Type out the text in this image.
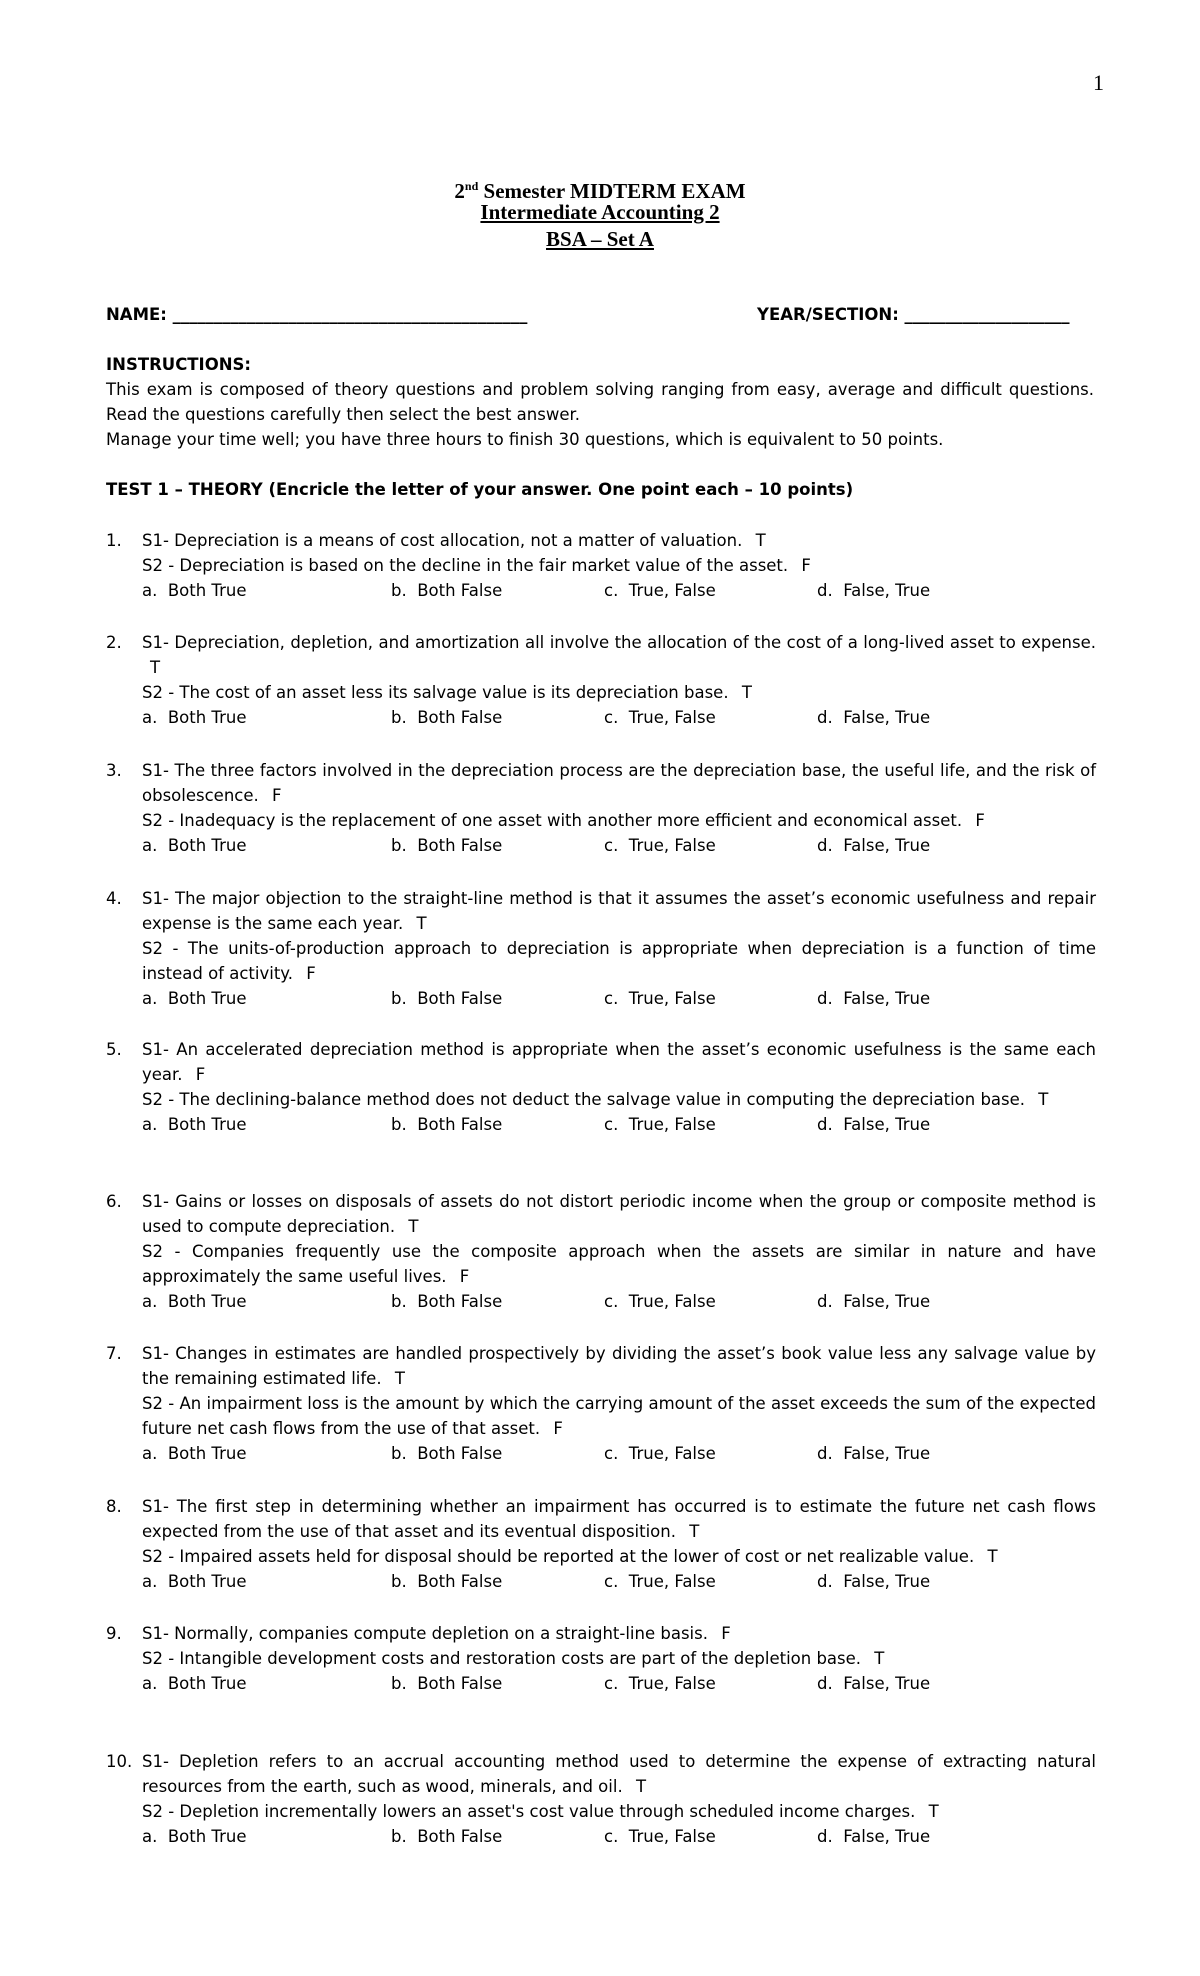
1
2nd Semester MIDTERM EXAM
Intermediate Accounting 2
BSA – Set A
NAME: ___________________________________________	YEAR/SECTION: ____________________
INSTRUCTIONS:
This exam is composed of theory questions and problem solving ranging from easy, average and difficult questions. Read the questions carefully then select the best answer.
Manage your time well; you have three hours to finish 30 questions, which is equivalent to 50 points.
TEST 1 – THEORY (Encricle the letter of your answer. One point each – 10 points)
1. S1- Depreciation is a means of cost allocation, not a matter of valuation. T
S2 - Depreciation is based on the decline in the fair market value of the asset. F
a.  Both True	b.  Both False	c.  True, False	d.  False, True
2. S1- Depreciation, depletion, and amortization all involve the allocation of the cost of a long-lived asset to expense. T
S2 - The cost of an asset less its salvage value is its depreciation base. T
a.  Both True	b.  Both False	c.  True, False	d.  False, True
3. S1- The three factors involved in the depreciation process are the depreciation base, the useful life, and the risk of obsolescence. F
S2 - Inadequacy is the replacement of one asset with another more efficient and economical asset. F
a.  Both True	b.  Both False	c.  True, False	d.  False, True
4. S1- The major objection to the straight-line method is that it assumes the asset’s economic usefulness and repair expense is the same each year. T
S2 - The units-of-production approach to depreciation is appropriate when depreciation is a function of time instead of activity. F
a.  Both True	b.  Both False	c.  True, False	d.  False, True
5. S1- An accelerated depreciation method is appropriate when the asset’s economic usefulness is the same each year. F
S2 - The declining-balance method does not deduct the salvage value in computing the depreciation base. T
a.  Both True	b.  Both False	c.  True, False	d.  False, True
6. S1- Gains or losses on disposals of assets do not distort periodic income when the group or composite method is used to compute depreciation. T
S2 - Companies frequently use the composite approach when the assets are similar in nature and have approximately the same useful lives. F
a.  Both True	b.  Both False	c.  True, False	d.  False, True
7. S1- Changes in estimates are handled prospectively by dividing the asset’s book value less any salvage value by the remaining estimated life. T
S2 - An impairment loss is the amount by which the carrying amount of the asset exceeds the sum of the expected future net cash flows from the use of that asset. F
a.  Both True	b.  Both False	c.  True, False	d.  False, True
8. S1- The first step in determining whether an impairment has occurred is to estimate the future net cash flows expected from the use of that asset and its eventual disposition. T
S2 - Impaired assets held for disposal should be reported at the lower of cost or net realizable value. T
a.  Both True	b.  Both False	c.  True, False	d.  False, True
9. S1- Normally, companies compute depletion on a straight-line basis. F
S2 - Intangible development costs and restoration costs are part of the depletion base. T
a.  Both True	b.  Both False	c.  True, False	d.  False, True
10. S1- Depletion refers to an accrual accounting method used to determine the expense of extracting natural resources from the earth, such as wood, minerals, and oil. T
S2 - Depletion incrementally lowers an asset's cost value through scheduled income charges. T
a.  Both True	b.  Both False	c.  True, False	d.  False, True
